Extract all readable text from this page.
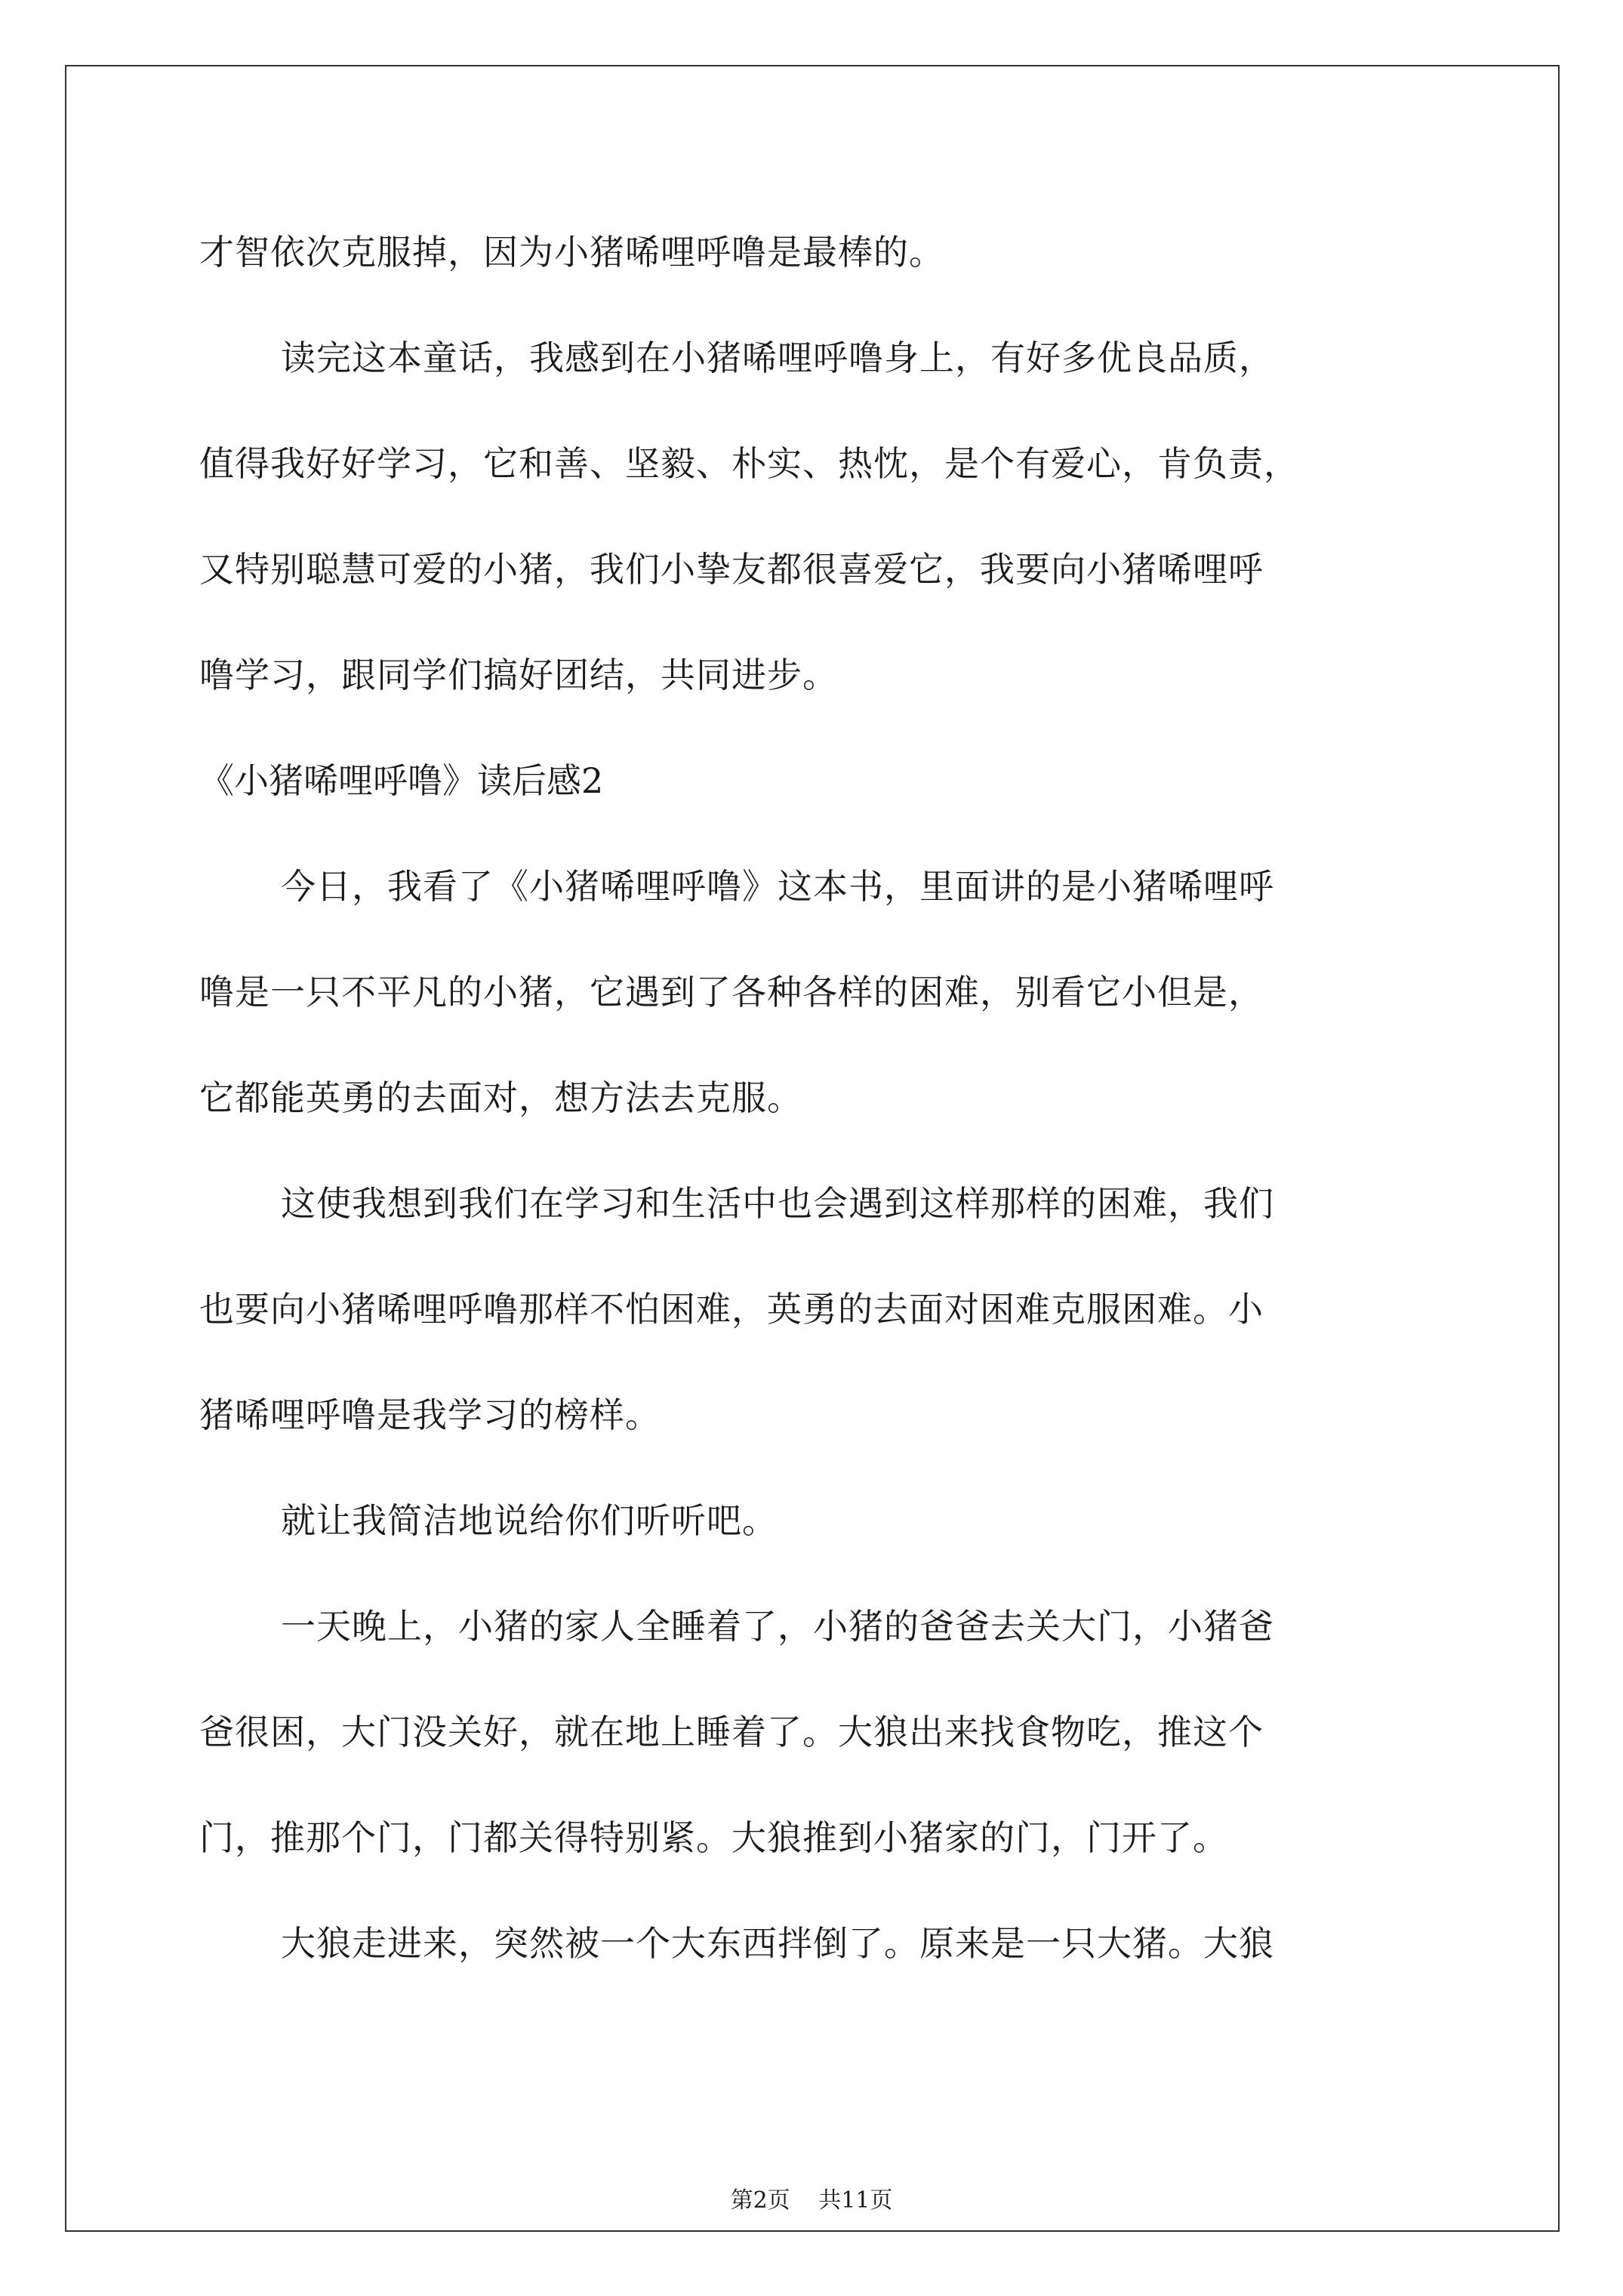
才智依次克服掉，因为小猪唏哩呼噜是最棒的。
读完这本童话，我感到在小猪唏哩呼噜身上，有好多优良品质，
值得我好好学习，它和善、坚毅、朴实、热忱，是个有爱心，肯负责，
又特别聪慧可爱的小猪，我们小挚友都很喜爱它，我要向小猪唏哩呼
噜学习，跟同学们搞好团结，共同进步。
《小猪唏哩呼噜》读后感2
今日，我看了《小猪唏哩呼噜》这本书，里面讲的是小猪唏哩呼
噜是一只不平凡的小猪，它遇到了各种各样的困难，别看它小但是，
它都能英勇的去面对，想方法去克服。
这使我想到我们在学习和生活中也会遇到这样那样的困难，我们
也要向小猪唏哩呼噜那样不怕困难，英勇的去面对困难克服困难。小
猪唏哩呼噜是我学习的榜样。
就让我简洁地说给你们听听吧。
一天晚上，小猪的家人全睡着了，小猪的爸爸去关大门，小猪爸
爸很困，大门没关好，就在地上睡着了。大狼出来找食物吃，推这个
门，推那个门，门都关得特别紧。大狼推到小猪家的门，门开了。
大狼走进来，突然被一个大东西拌倒了。原来是一只大猪。大狼
第2页 共11页
